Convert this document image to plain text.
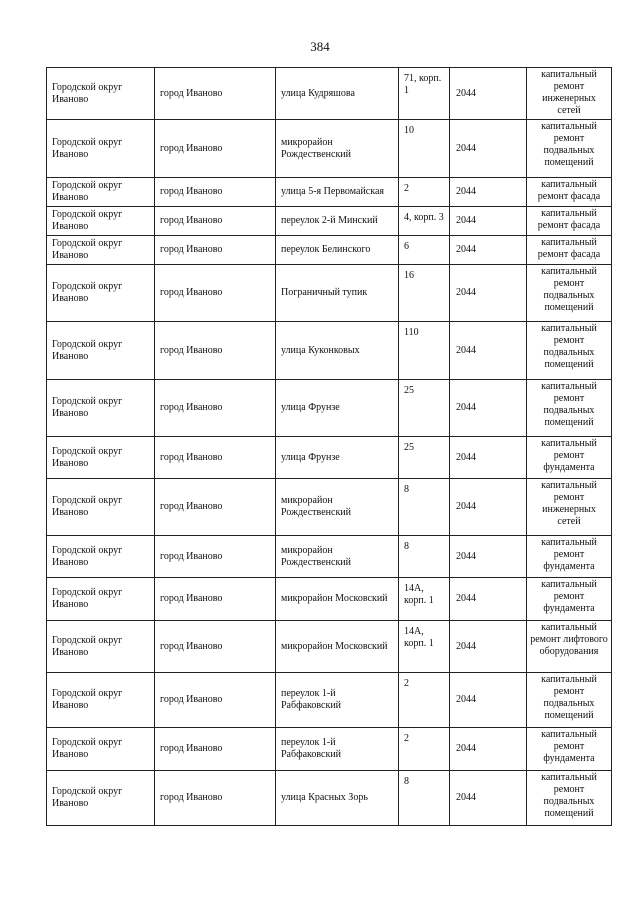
384
Городской округ Иваново	город Иваново	улица Кудряшова	71, корп. 1	2044	капитальный ремонт инженерных сетей
Городской округ Иваново	город Иваново	микрорайон Рождественский	10	2044	капитальный ремонт подвальных помещений
Городской округ Иваново	город Иваново	улица 5-я Первомайская	2	2044	капитальный ремонт фасада
Городской округ Иваново	город Иваново	переулок 2-й Минский	4, корп. 3	2044	капитальный ремонт фасада
Городской округ Иваново	город Иваново	переулок Белинского	6	2044	капитальный ремонт фасада
Городской округ Иваново	город Иваново	Пограничный тупик	16	2044	капитальный ремонт подвальных помещений
Городской округ Иваново	город Иваново	улица Куконковых	110	2044	капитальный ремонт подвальных помещений
Городской округ Иваново	город Иваново	улица Фрунзе	25	2044	капитальный ремонт подвальных помещений
Городской округ Иваново	город Иваново	улица Фрунзе	25	2044	капитальный ремонт фундамента
Городской округ Иваново	город Иваново	микрорайон Рождественский	8	2044	капитальный ремонт инженерных сетей
Городской округ Иваново	город Иваново	микрорайон Рождественский	8	2044	капитальный ремонт фундамента
Городской округ Иваново	город Иваново	микрорайон Московский	14А, корп. 1	2044	капитальный ремонт фундамента
Городской округ Иваново	город Иваново	микрорайон Московский	14А, корп. 1	2044	капитальный ремонт лифтового оборудования
Городской округ Иваново	город Иваново	переулок 1-й Рабфаковский	2	2044	капитальный ремонт подвальных помещений
Городской округ Иваново	город Иваново	переулок 1-й Рабфаковский	2	2044	капитальный ремонт фундамента
Городской округ Иваново	город Иваново	улица Красных Зорь	8	2044	капитальный ремонт подвальных помещений
